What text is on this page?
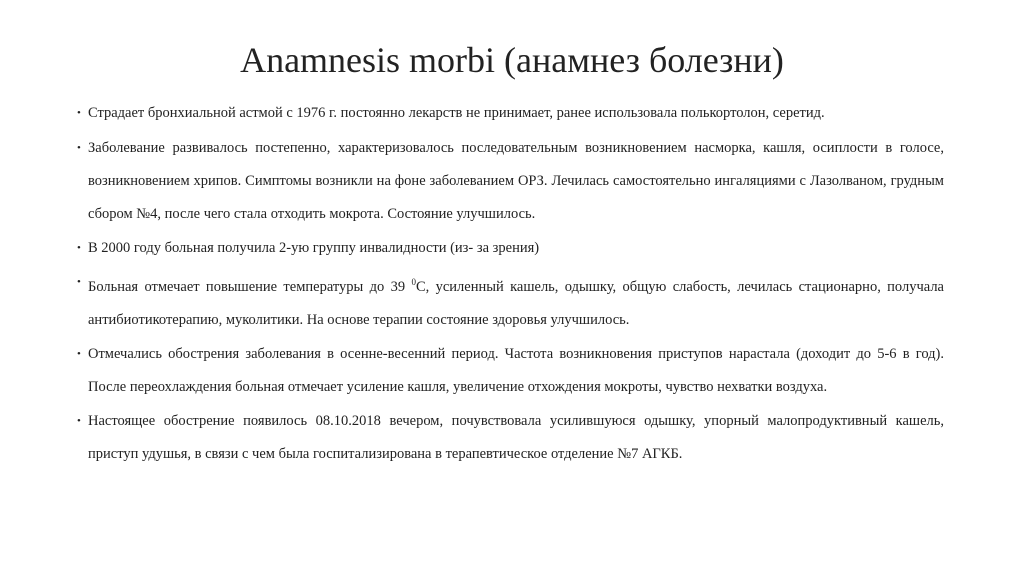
Anamnesis morbi (анамнез болезни)
• Страдает бронхиальной астмой с 1976 г. постоянно лекарств не принимает, ранее использовала полькортолон, серетид.
• Заболевание развивалось постепенно, характеризовалось последовательным возникновением насморка, кашля, осиплости в голосе, возникновением хрипов. Симптомы возникли на фоне заболеванием ОРЗ. Лечилась самостоятельно ингаляциями с Лазолваном, грудным сбором №4, после чего стала отходить мокрота. Состояние улучшилось.
• В 2000 году больная получила 2-ую группу инвалидности (из- за зрения)
• Больная отмечает повышение температуры до 39 $^0$С, усиленный кашель, одышку, общую слабость, лечилась стационарно, получала антибиотикотерапию, муколитики. На основе терапии состояние здоровья улучшилось.
• Отмечались обострения заболевания в осенне-весенний период. Частота возникновения приступов нарастала (доходит до 5-6 в год). После переохлаждения больная отмечает усиление кашля, увеличение отхождения мокроты, чувство нехватки воздуха.
• Настоящее обострение появилось 08.10.2018 вечером, почувствовала усилившуюся одышку, упорный малопродуктивный кашель, приступ удушья, в связи с чем была госпитализирована в терапевтическое отделение №7 АГКБ.
